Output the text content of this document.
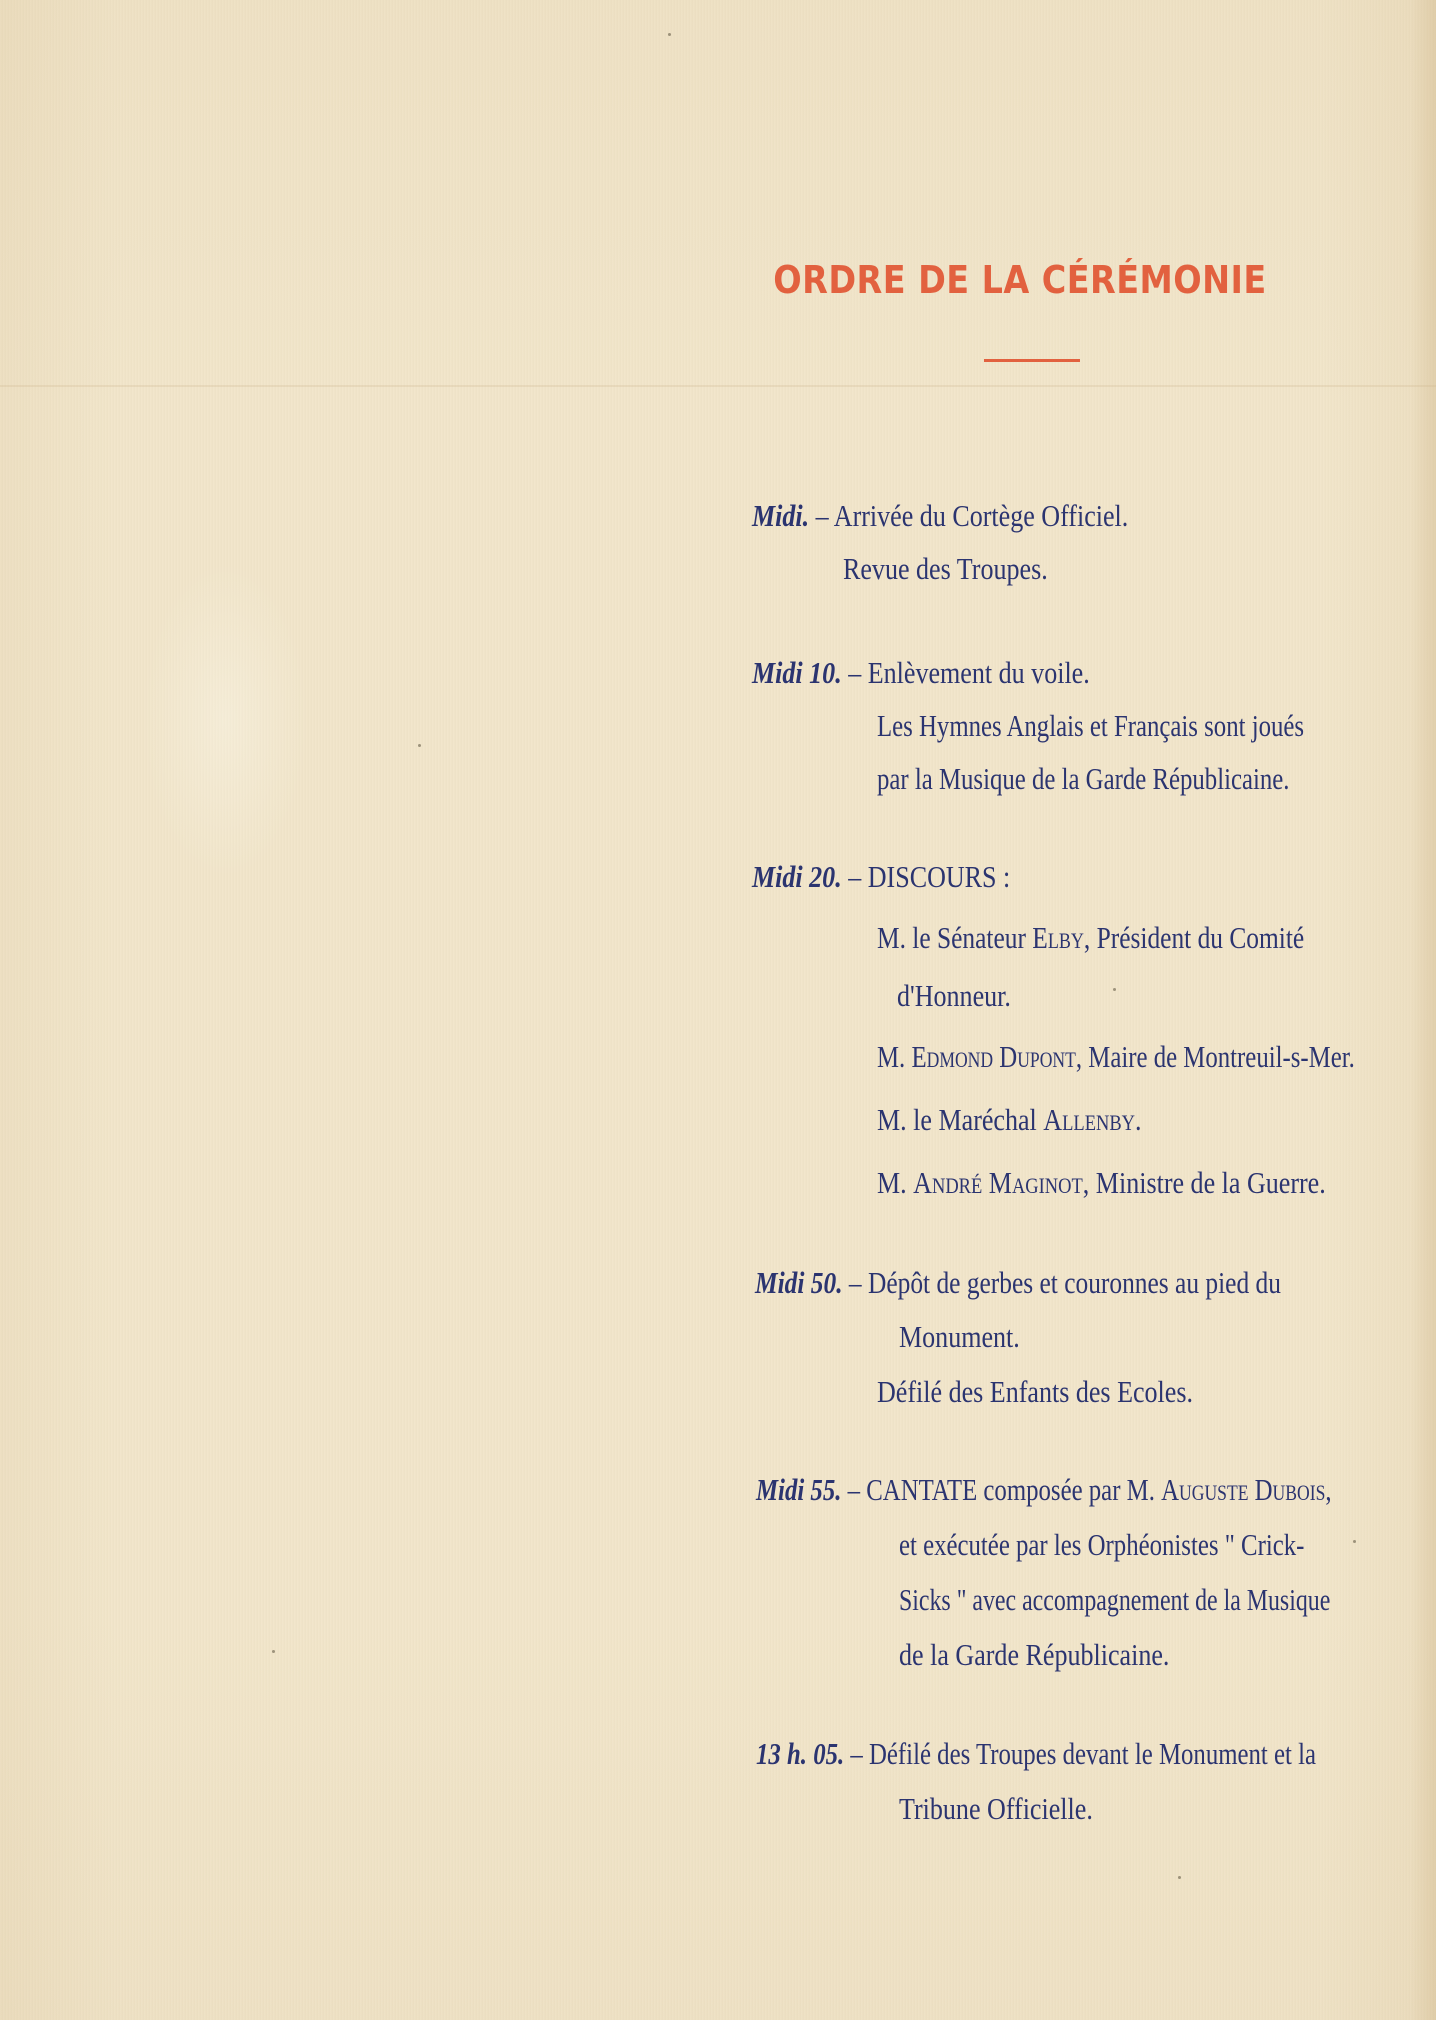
ORDRE DE LA CÉRÉMONIE

Midi. – Arrivée du Cortège Officiel.

Revue des Troupes.

Midi 10. – Enlèvement du voile.

Les Hymnes Anglais et Français sont joués

par la Musique de la Garde Républicaine.

Midi 20. – DISCOURS :

M. le Sénateur Elby, Président du Comité

d'Honneur.

M. Edmond Dupont, Maire de Montreuil-s-Mer.

M. le Maréchal Allenby.

M. André Maginot, Ministre de la Guerre.

Midi 50. – Dépôt de gerbes et couronnes au pied du

Monument.

Défilé des Enfants des Ecoles.

Midi 55. – CANTATE composée par M. Auguste Dubois,

et exécutée par les Orphéonistes " Crick-

Sicks " avec accompagnement de la Musique

de la Garde Républicaine.

13 h. 05. – Défilé des Troupes devant le Monument et la

Tribune Officielle.
